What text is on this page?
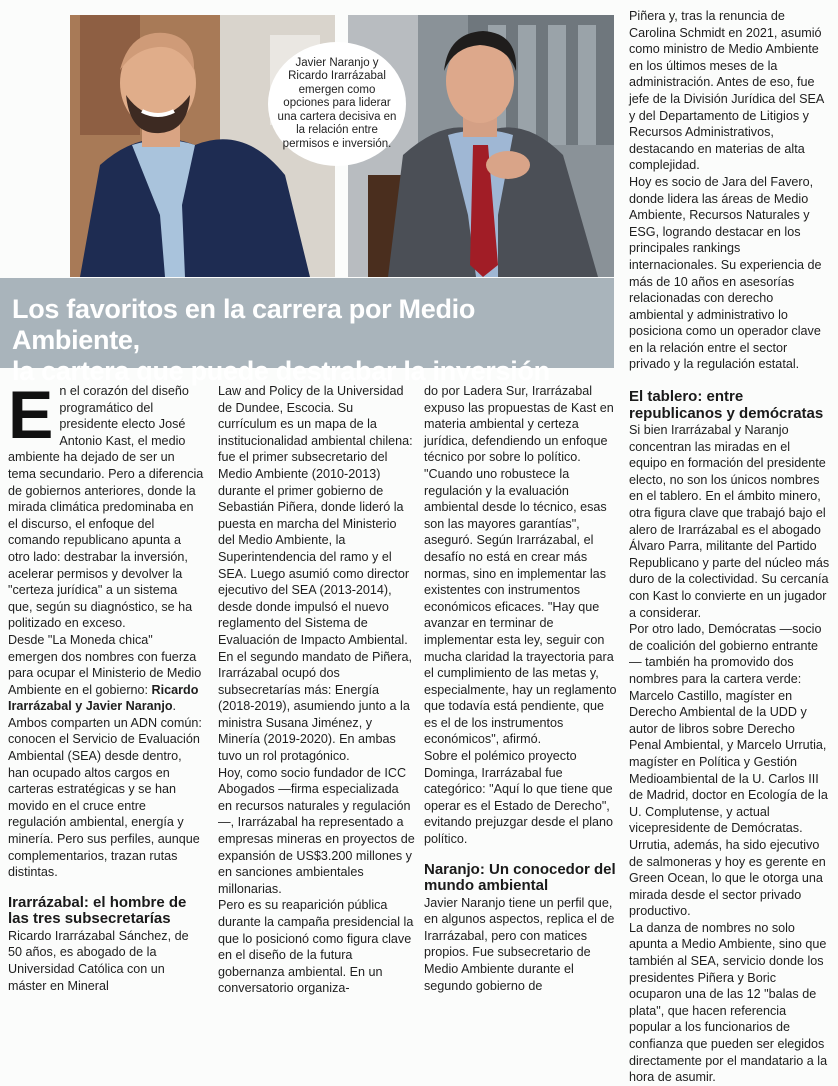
Javier Naranjo y Ricardo Irarrázabal emergen como opciones para liderar una cartera decisiva en la relación entre permisos e inversión.
Los favoritos en la carrera por Medio Ambiente,
la cartera que puede destrabar la inversión

En el corazón del diseño programático del presidente electo José Antonio Kast, el medio ambiente ha dejado de ser un tema secundario. Pero a diferencia de gobiernos anteriores, donde la mirada climática predominaba en el discurso, el enfoque del comando republicano apunta a otro lado: destrabar la inversión, acelerar permisos y devolver la "certeza jurídica" a un sistema que, según su diagnóstico, se ha politizado en exceso.

Desde "La Moneda chica" emergen dos nombres con fuerza para ocupar el Ministerio de Medio Ambiente en el gobierno: Ricardo Irarrázabal y Javier Naranjo. Ambos comparten un ADN común: conocen el Servicio de Evaluación Ambiental (SEA) desde dentro, han ocupado altos cargos en carteras estratégicas y se han movido en el cruce entre regulación ambiental, energía y minería. Pero sus perfiles, aunque complementarios, trazan rutas distintas.

Irarrázabal: el hombre de las tres subsecretarías

Ricardo Irarrázabal Sánchez, de 50 años, es abogado de la Universidad Católica con un máster en Mineral

Law and Policy de la Universidad de Dundee, Escocia. Su currículum es un mapa de la institucionalidad ambiental chilena: fue el primer subsecretario del Medio Ambiente (2010-2013) durante el primer gobierno de Sebastián Piñera, donde lideró la puesta en marcha del Ministerio del Medio Ambiente, la Superintendencia del ramo y el SEA. Luego asumió como director ejecutivo del SEA (2013-2014), desde donde impulsó el nuevo reglamento del Sistema de Evaluación de Impacto Ambiental.

En el segundo mandato de Piñera, Irarrázabal ocupó dos subsecretarías más: Energía (2018-2019), asumiendo junto a la ministra Susana Jiménez, y Minería (2019-2020). En ambas tuvo un rol protagónico.

Hoy, como socio fundador de ICC Abogados —firma especializada en recursos naturales y regulación—, Irarrázabal ha representado a empresas mineras en proyectos de expansión de US$3.200 millones y en sanciones ambientales millonarias.

Pero es su reaparición pública durante la campaña presidencial la que lo posicionó como figura clave en el diseño de la futura gobernanza ambiental. En un conversatorio organiza-

do por Ladera Sur, Irarrázabal expuso las propuestas de Kast en materia ambiental y certeza jurídica, defendiendo un enfoque técnico por sobre lo político.

"Cuando uno robustece la regulación y la evaluación ambiental desde lo técnico, esas son las mayores garantías", aseguró. Según Irarrázabal, el desafío no está en crear más normas, sino en implementar las existentes con instrumentos económicos eficaces. "Hay que avanzar en terminar de implementar esta ley, seguir con mucha claridad la trayectoria para el cumplimiento de las metas y, especialmente, hay un reglamento que todavía está pendiente, que es el de los instrumentos económicos", afirmó.

Sobre el polémico proyecto Dominga, Irarrázabal fue categórico: "Aquí lo que tiene que operar es el Estado de Derecho", evitando prejuzgar desde el plano político.

Naranjo: Un conocedor del mundo ambiental

Javier Naranjo tiene un perfil que, en algunos aspectos, replica el de Irarrázabal, pero con matices propios. Fue subsecretario de Medio Ambiente durante el segundo gobierno de

Piñera y, tras la renuncia de Carolina Schmidt en 2021, asumió como ministro de Medio Ambiente en los últimos meses de la administración. Antes de eso, fue jefe de la División Jurídica del SEA y del Departamento de Litigios y Recursos Administrativos, destacando en materias de alta complejidad.

Hoy es socio de Jara del Favero, donde lidera las áreas de Medio Ambiente, Recursos Naturales y ESG, logrando destacar en los principales rankings internacionales. Su experiencia de más de 10 años en asesorías relacionadas con derecho ambiental y administrativo lo posiciona como un operador clave en la relación entre el sector privado y la regulación estatal.

El tablero: entre republicanos y demócratas

Si bien Irarrázabal y Naranjo concentran las miradas en el equipo en formación del presidente electo, no son los únicos nombres en el tablero. En el ámbito minero, otra figura clave que trabajó bajo el alero de Irarrázabal es el abogado Álvaro Parra, militante del Partido Republicano y parte del núcleo más duro de la colectividad. Su cercanía con Kast lo convierte en un jugador a considerar.

Por otro lado, Demócratas —socio de coalición del gobierno entrante— también ha promovido dos nombres para la cartera verde: Marcelo Castillo, magíster en Derecho Ambiental de la UDD y autor de libros sobre Derecho Penal Ambiental, y Marcelo Urrutia, magíster en Política y Gestión Medioambiental de la U. Carlos III de Madrid, doctor en Ecología de la U. Complutense, y actual vicepresidente de Demócratas. Urrutia, además, ha sido ejecutivo de salmoneras y hoy es gerente en Green Ocean, lo que le otorga una mirada desde el sector privado productivo.

La danza de nombres no solo apunta a Medio Ambiente, sino que también al SEA, servicio donde los presidentes Piñera y Boric ocuparon una de las 12 "balas de plata", que hacen referencia popular a los funcionarios de confianza que pueden ser elegidos directamente por el mandatario a la hora de asumir.
